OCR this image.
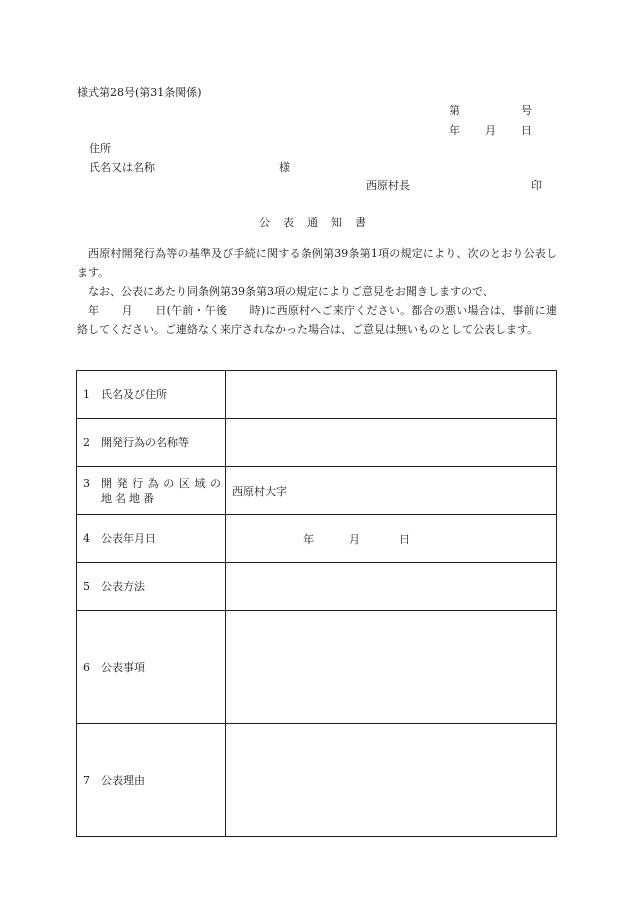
様式第28号(第31条関係)
第	号
年 月 日
住所
氏名又は名称	様
西原村長	印
公　表　通　知　書

西原村開発行為等の基準及び手続に関する条例第39条第1項の規定により、次のとおり公表します。

なお、公表にあたり同条例第39条第3項の規定によりご意見をお聞きしますので、

年　　月　　日(午前・午後　　時)に西原村へご来庁ください。都合の悪い場合は、事前に連絡してください。ご連絡なく来庁されなかった場合は、ご意見は無いものとして公表します。

1 氏名及び住所	

2 開発行為の名称等	

3 開発行為の区域の
地名地番	西原村大字

4 公表年月日	年 月 日

5 公表方法	

6 公表事項	

7 公表理由	
